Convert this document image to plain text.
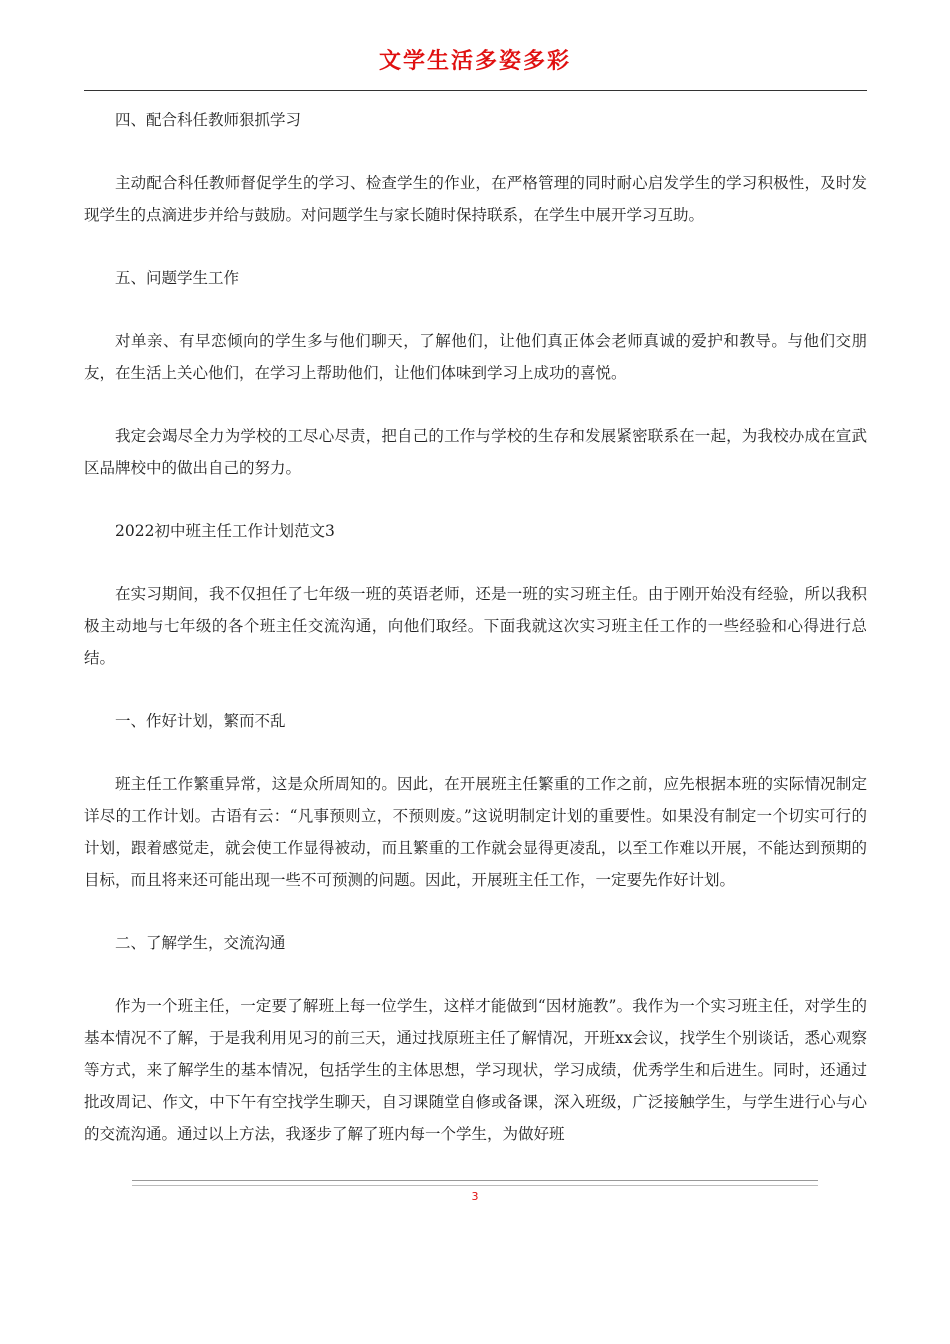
文学生活多姿多彩

四、配合科任教师狠抓学习

主动配合科任教师督促学生的学习、检查学生的作业，在严格管理的同时耐心启发学生的学习积极性，及时发现学生的点滴进步并给与鼓励。对问题学生与家长随时保持联系，在学生中展开学习互助。

五、问题学生工作

对单亲、有早恋倾向的学生多与他们聊天，了解他们，让他们真正体会老师真诚的爱护和教导。与他们交朋友，在生活上关心他们，在学习上帮助他们，让他们体味到学习上成功的喜悦。

我定会竭尽全力为学校的工尽心尽责，把自己的工作与学校的生存和发展紧密联系在一起，为我校办成在宣武区品牌校中的做出自己的努力。

2022初中班主任工作计划范文3

在实习期间，我不仅担任了七年级一班的英语老师，还是一班的实习班主任。由于刚开始没有经验，所以我积极主动地与七年级的各个班主任交流沟通，向他们取经。下面我就这次实习班主任工作的一些经验和心得进行总结。

一、作好计划，繁而不乱

班主任工作繁重异常，这是众所周知的。因此，在开展班主任繁重的工作之前，应先根据本班的实际情况制定详尽的工作计划。古语有云：“凡事预则立，不预则废。”这说明制定计划的重要性。如果没有制定一个切实可行的计划，跟着感觉走，就会使工作显得被动，而且繁重的工作就会显得更凌乱，以至工作难以开展，不能达到预期的目标，而且将来还可能出现一些不可预测的问题。因此，开展班主任工作，一定要先作好计划。

二、了解学生，交流沟通

作为一个班主任，一定要了解班上每一位学生，这样才能做到“因材施教”。我作为一个实习班主任，对学生的基本情况不了解，于是我利用见习的前三天，通过找原班主任了解情况，开班xx会议，找学生个别谈话，悉心观察等方式，来了解学生的基本情况，包括学生的主体思想，学习现状，学习成绩，优秀学生和后进生。同时，还通过批改周记、作文，中下午有空找学生聊天，自习课随堂自修或备课，深入班级，广泛接触学生，与学生进行心与心的交流沟通。通过以上方法，我逐步了解了班内每一个学生，为做好班

3
